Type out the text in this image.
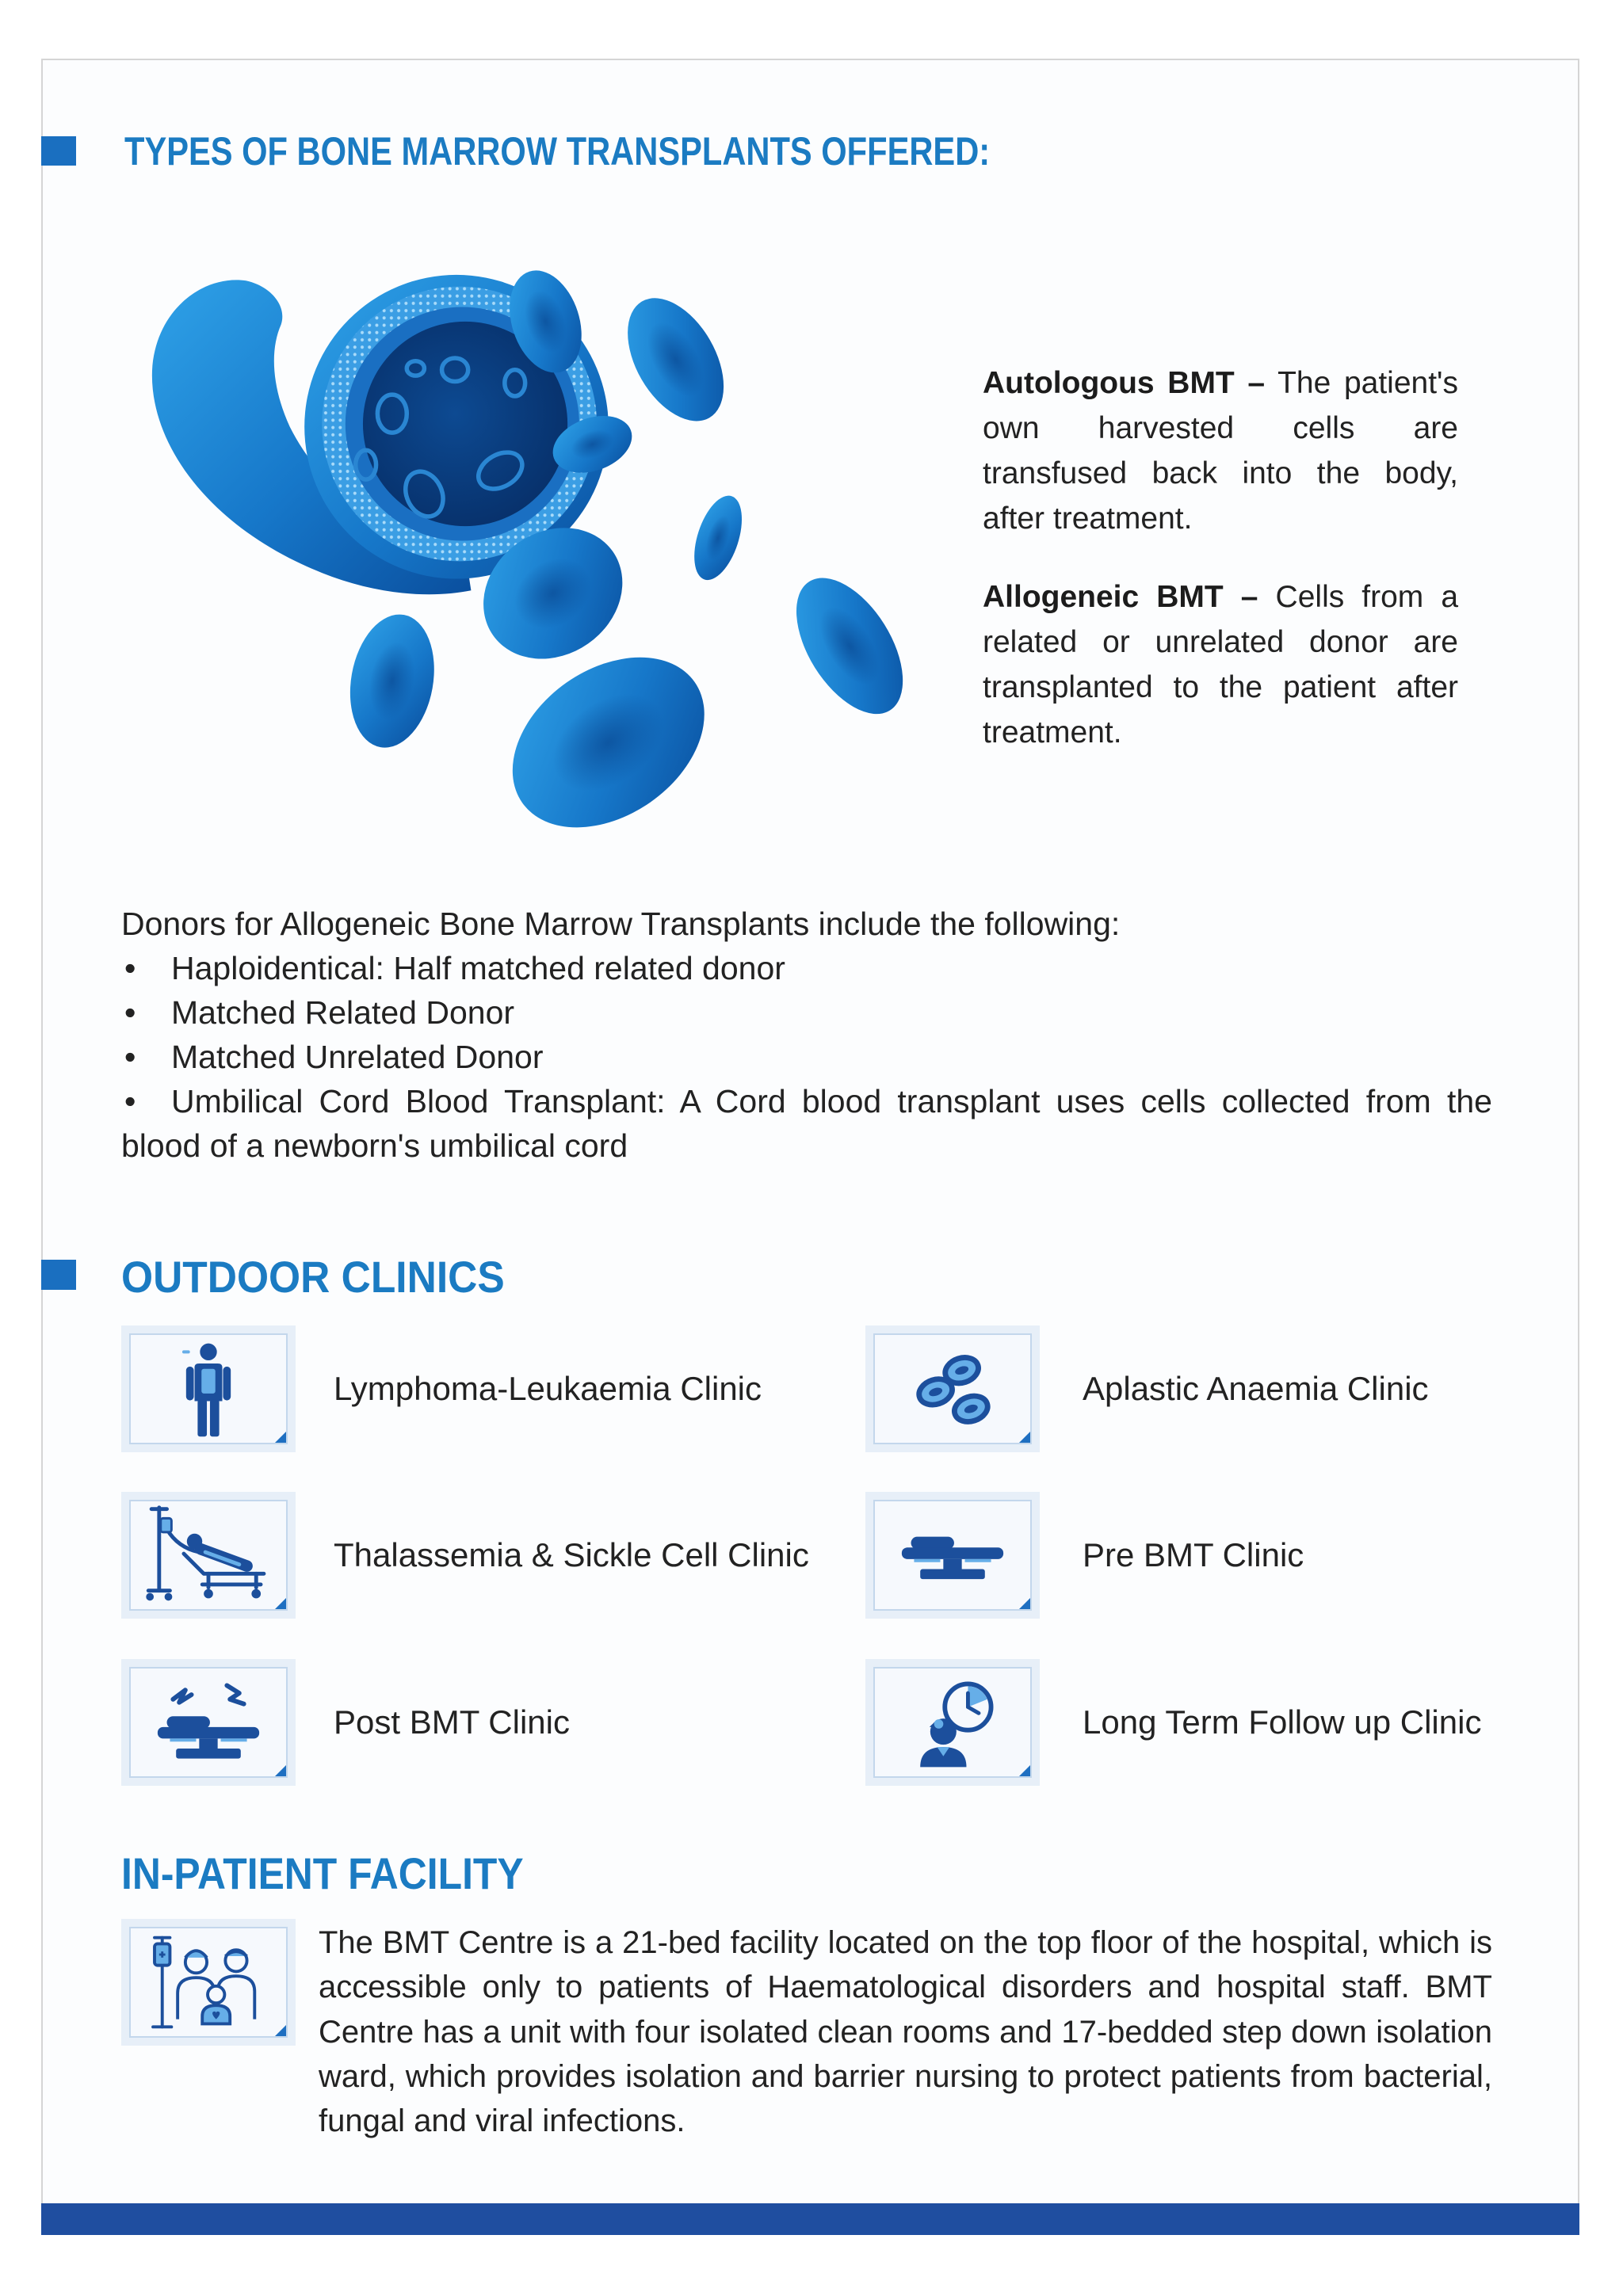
TYPES OF BONE MARROW TRANSPLANTS OFFERED:

Autologous BMT – The patient's own harvested cells are transfused back into the body, after treatment.

Allogeneic BMT – Cells from a related or unrelated donor are transplanted to the patient after treatment.

Donors for Allogeneic Bone Marrow Transplants include the following:

• Haploidentical: Half matched related donor
• Matched Related Donor
• Matched Unrelated Donor
• Umbilical Cord Blood Transplant: A Cord blood transplant uses cells collected from the blood of a newborn's umbilical cord
OUTDOOR CLINICS
Lymphoma-Leukaemia Clinic	Aplastic Anaemia Clinic
Thalassemia & Sickle Cell Clinic	Pre BMT Clinic
Post BMT Clinic	Long Term Follow up Clinic
IN-PATIENT FACILITY

The BMT Centre is a 21-bed facility located on the top floor of the hospital, which is accessible only to patients of Haematological disorders and hospital staff. BMT Centre has a unit with four isolated clean rooms and 17-bedded step down isolation ward, which provides isolation and barrier nursing to protect patients from bacterial, fungal and viral infections.
